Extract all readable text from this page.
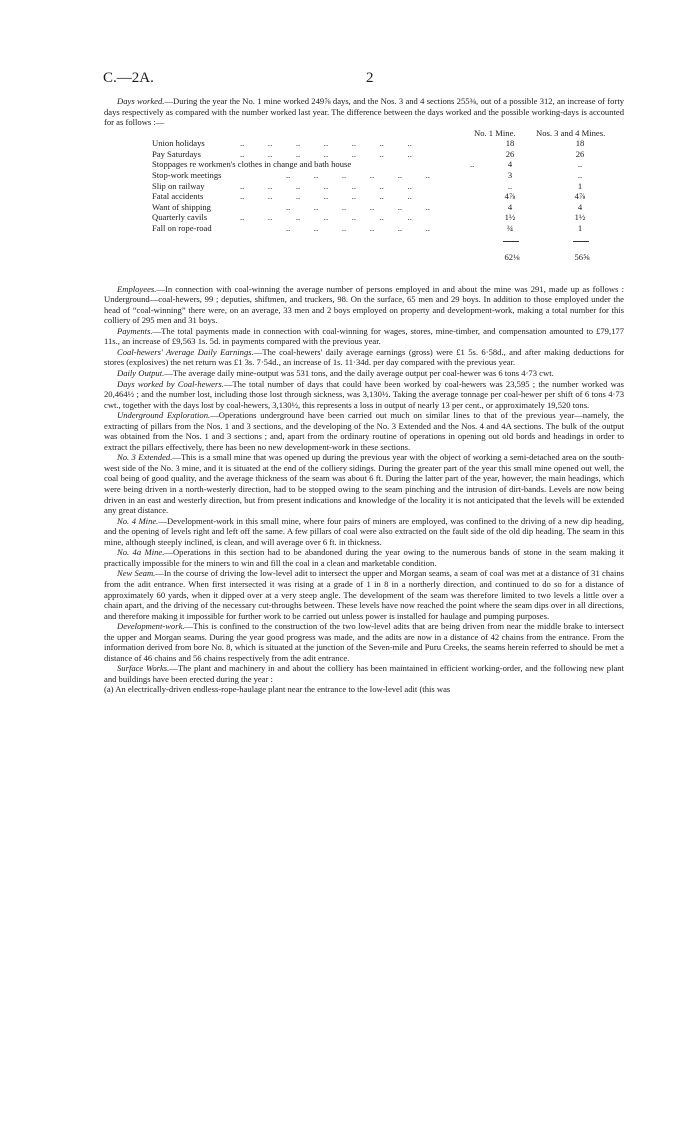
C.—2A.	2

Days worked.—During the year the No. 1 mine worked 249⅞ days, and the Nos. 3 and 4 sections 255⅜, out of a possible 312, an increase of forty days respectively as compared with the number worked last year. The difference between the days worked and the possible working-days is accounted for as follows :—

No. 1 Mine. Nos. 3 and 4 Mines.
Union holidays	..           ..           ..           ..           ..           ..           ..	18	18
Pay Saturdays	..           ..           ..           ..           ..           ..           ..	26	26
Stoppages re workmen's clothes in change and bath house	..	4	..
Stop-work meetings	..           ..           ..           ..           ..           ..	3	..
Slip on railway	..           ..           ..           ..           ..           ..           ..	..	1
Fatal accidents	..           ..           ..           ..           ..           ..           ..	4⅞	4⅞
Want of shipping	..           ..           ..           ..           ..           ..	4	4
Quarterly cavils	..           ..           ..           ..           ..           ..           ..	1½	1½
Fall on rope-road	..           ..           ..           ..           ..           ..	¾	1
62⅛	56⅝

Employees.—In connection with coal-winning the average number of persons employed in and about the mine was 291, made up as follows : Underground—coal-hewers, 99 ; deputies, shiftmen, and truckers, 98. On the surface, 65 men and 29 boys. In addition to those employed under the head of “coal-winning” there were, on an average, 33 men and 2 boys employed on property and development-work, making a total number for this colliery of 295 men and 31 boys.

Payments.—The total payments made in connection with coal-winning for wages, stores, mine-timber, and compensation amounted to £79,177 11s., an increase of £9,563 1s. 5d. in payments compared with the previous year.

Coal-hewers' Average Daily Earnings.—The coal-hewers' daily average earnings (gross) were £1 5s. 6·58d., and after making deductions for stores (explosives) the net return was £1 3s. 7·54d., an increase of 1s. 11·34d. per day compared with the previous year.

Daily Output.—The average daily mine-output was 531 tons, and the daily average output per coal-hewer was 6 tons 4·73 cwt.

Days worked by Coal-hewers.—The total number of days that could have been worked by coal-hewers was 23,595 ; the number worked was 20,464½ ; and the number lost, including those lost through sickness, was 3,130½. Taking the average tonnage per coal-hewer per shift of 6 tons 4·73 cwt., together with the days lost by coal-hewers, 3,130½, this represents a loss in output of nearly 13 per cent., or approximately 19,520 tons.

Underground Exploration.—Operations underground have been carried out much on similar lines to that of the previous year—namely, the extracting of pillars from the Nos. 1 and 3 sections, and the developing of the No. 3 Extended and the Nos. 4 and 4A sections. The bulk of the output was obtained from the Nos. 1 and 3 sections ; and, apart from the ordinary routine of operations in opening out old bords and headings in order to extract the pillars effectively, there has been no new development-work in these sections.

No. 3 Extended.—This is a small mine that was opened up during the previous year with the object of working a semi-detached area on the south-west side of the No. 3 mine, and it is situated at the end of the colliery sidings. During the greater part of the year this small mine opened out well, the coal being of good quality, and the average thickness of the seam was about 6 ft. During the latter part of the year, however, the main headings, which were being driven in a north-westerly direction, had to be stopped owing to the seam pinching and the intrusion of dirt-bands. Levels are now being driven in an east and westerly direction, but from present indications and knowledge of the locality it is not anticipated that the levels will be extended any great distance.

No. 4 Mine.—Development-work in this small mine, where four pairs of miners are employed, was confined to the driving of a new dip heading, and the opening of levels right and left off the same. A few pillars of coal were also extracted on the fault side of the old dip heading. The seam in this mine, although steeply inclined, is clean, and will average over 6 ft. in thickness.

No. 4a Mine.—Operations in this section had to be abandoned during the year owing to the numerous bands of stone in the seam making it practically impossible for the miners to win and fill the coal in a clean and marketable condition.

New Seam.—In the course of driving the low-level adit to intersect the upper and Morgan seams, a seam of coal was met at a distance of 31 chains from the adit entrance. When first intersected it was rising at a grade of 1 in 8 in a northerly direction, and continued to do so for a distance of approximately 60 yards, when it dipped over at a very steep angle. The development of the seam was therefore limited to two levels a little over a chain apart, and the driving of the necessary cut-throughs between. These levels have now reached the point where the seam dips over in all directions, and therefore making it impossible for further work to be carried out unless power is installed for haulage and pumping purposes.

Development-work.—This is confined to the construction of the two low-level adits that are being driven from near the middle brake to intersect the upper and Morgan seams. During the year good progress was made, and the adits are now in a distance of 42 chains from the entrance. From the information derived from bore No. 8, which is situated at the junction of the Seven-mile and Puru Creeks, the seams herein referred to should be met a distance of 46 chains and 56 chains respectively from the adit entrance.

Surface Works.—The plant and machinery in and about the colliery has been maintained in efficient working-order, and the following new plant and buildings have been erected during the year :

(a) An electrically-driven endless-rope-haulage plant near the entrance to the low-level adit (this was
